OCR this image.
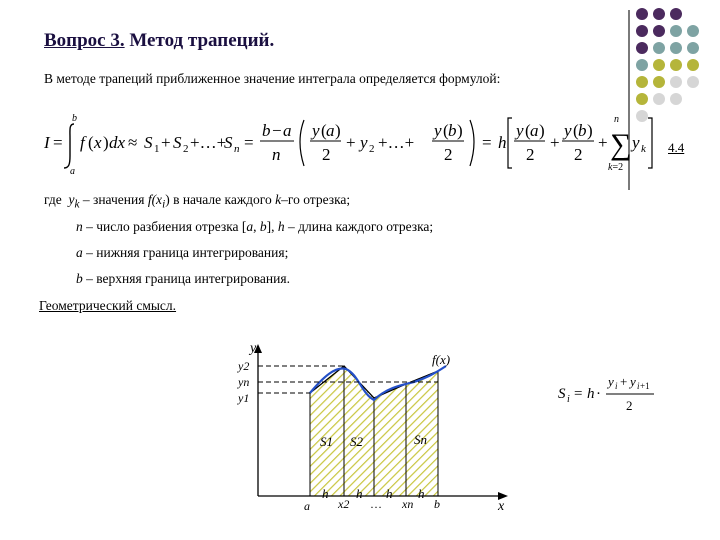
Вопрос 3. Метод трапеций.
В методе трапеций приближенное значение интеграла определяется формулой:
I =
b
a
f ( x ) dx ≈ S 1 + S 2 +…+
S n =
b − a
n
y ( a )
2
+ y 2 +…+
y ( b )
2
= h
y ( a )
2
+
y ( b )
2
+
n
∑
k=2
y k 4.4
где $y_k$ – значения $f(x_i)$ в начале каждого k–го отрезка;
n – число разбиения отрезка [a, b], h – длина каждого отрезка;
a – нижняя граница интегрирования;
b – верхняя граница интегрирования.
Геометрический смысл.
y
x
y2
yn
y1
f(x)
S1 S2	Sn
a x2	xn b
h h h h
…
S i = h ·
y i + y i +1
2
